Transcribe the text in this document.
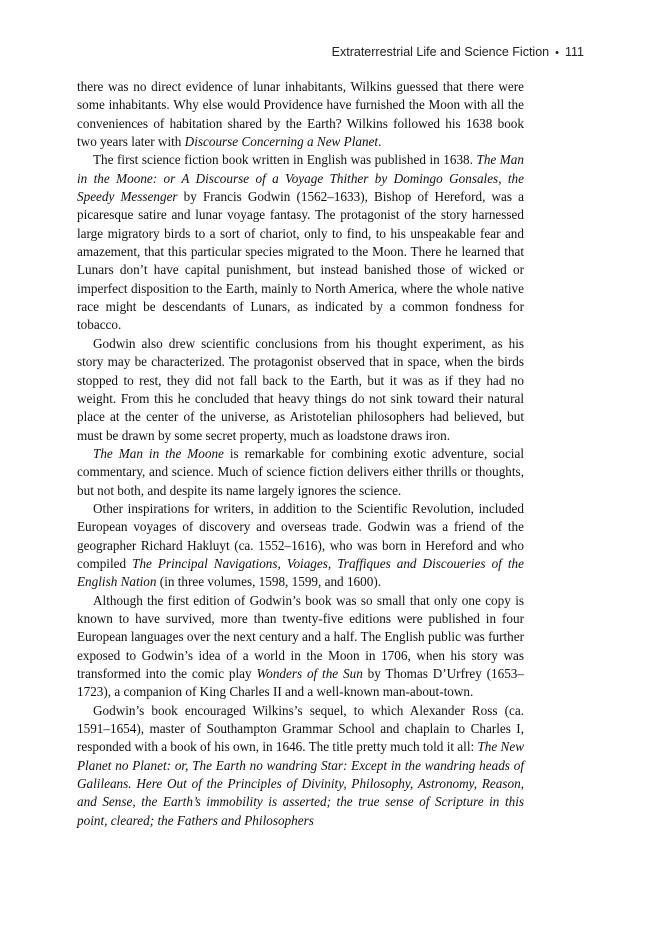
Extraterrestrial Life and Science Fiction • 111

there was no direct evidence of lunar inhabitants, Wilkins guessed that there were some inhabitants. Why else would Providence have furnished the Moon with all the conveniences of habitation shared by the Earth? Wilkins followed his 1638 book two years later with Discourse Concerning a New Planet.

The first science fiction book written in English was published in 1638. The Man in the Moone: or A Discourse of a Voyage Thither by Domingo Gonsales, the Speedy Messenger by Francis Godwin (1562–1633), Bishop of Hereford, was a picaresque satire and lunar voyage fantasy. The protagonist of the story harnessed large migratory birds to a sort of chariot, only to find, to his unspeakable fear and amazement, that this particular species migrated to the Moon. There he learned that Lunars don’t have capital punishment, but instead banished those of wicked or imperfect disposition to the Earth, mainly to North America, where the whole native race might be descendants of Lunars, as indicated by a common fondness for tobacco.

Godwin also drew scientific conclusions from his thought experiment, as his story may be characterized. The protagonist observed that in space, when the birds stopped to rest, they did not fall back to the Earth, but it was as if they had no weight. From this he concluded that heavy things do not sink toward their natural place at the center of the universe, as Aristotelian philosophers had believed, but must be drawn by some secret property, much as loadstone draws iron.

The Man in the Moone is remarkable for combining exotic adventure, social commentary, and science. Much of science fiction delivers either thrills or thoughts, but not both, and despite its name largely ignores the science.

Other inspirations for writers, in addition to the Scientific Revolution, included European voyages of discovery and overseas trade. Godwin was a friend of the geographer Richard Hakluyt (ca. 1552–1616), who was born in Hereford and who compiled The Principal Navigations, Voiages, Traffiques and Discoueries of the English Nation (in three volumes, 1598, 1599, and 1600).

Although the first edition of Godwin’s book was so small that only one copy is known to have survived, more than twenty-five editions were published in four European languages over the next century and a half. The English public was further exposed to Godwin’s idea of a world in the Moon in 1706, when his story was transformed into the comic play Wonders of the Sun by Thomas D’Urfrey (1653–1723), a companion of King Charles II and a well-known man-about-town.

Godwin’s book encouraged Wilkins’s sequel, to which Alexander Ross (ca. 1591–1654), master of Southampton Grammar School and chaplain to Charles I, responded with a book of his own, in 1646. The title pretty much told it all: The New Planet no Planet: or, The Earth no wandring Star: Except in the wandring heads of Galileans. Here Out of the Principles of Divinity, Philosophy, Astronomy, Reason, and Sense, the Earth’s immobility is asserted; the true sense of Scripture in this point, cleared; the Fathers and Philosophers
